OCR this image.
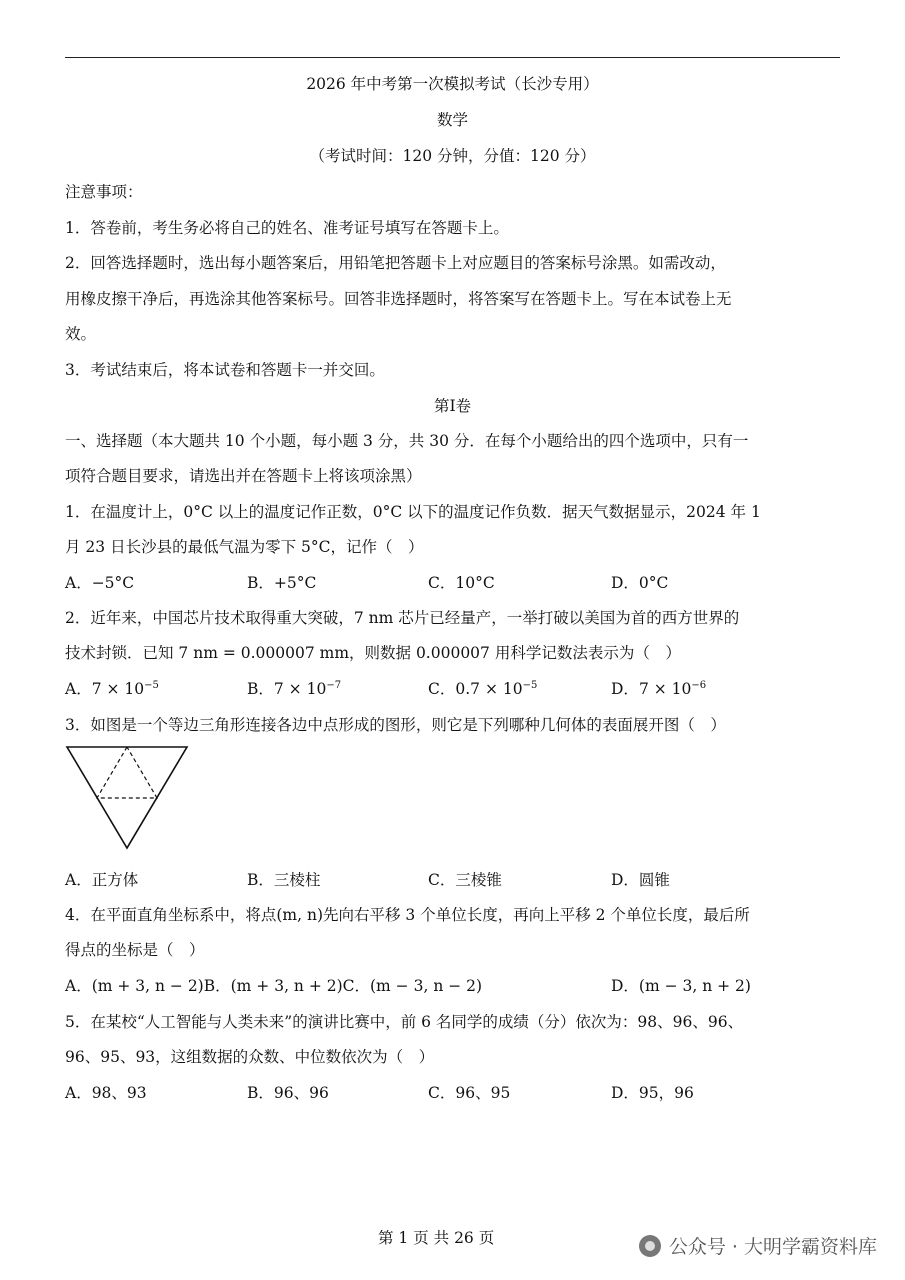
2026 年中考第一次模拟考试（长沙专用）
数学
（考试时间：120 分钟，分值：120 分）
注意事项：
1．答卷前，考生务必将自己的姓名、准考证号填写在答题卡上。
2．回答选择题时，选出每小题答案后，用铅笔把答题卡上对应题目的答案标号涂黑。如需改动，
用橡皮擦干净后，再选涂其他答案标号。回答非选择题时，将答案写在答题卡上。写在本试卷上无
效。
3．考试结束后，将本试卷和答题卡一并交回。
第Ⅰ卷
一、选择题（本大题共 10 个小题，每小题 3 分，共 30 分．在每个小题给出的四个选项中，只有一
项符合题目要求，请选出并在答题卡上将该项涂黑）
1．在温度计上，0°C 以上的温度记作正数，0°C 以下的温度记作负数．据天气数据显示，2024 年 1
月 23 日长沙县的最低气温为零下 5°C，记作（　）
A．−5°C	B．+5°C	C．10°C	D．0°C
2．近年来，中国芯片技术取得重大突破，7 nm 芯片已经量产，一举打破以美国为首的西方世界的
技术封锁．已知 7 nm = 0.000007 mm，则数据 0.000007 用科学记数法表示为（　）
A．$7 \times 10^{-5}$	B．$7 \times 10^{-7}$	C．$0.7 \times 10^{-5}$	D．$7 \times 10^{-6}$
3．如图是一个等边三角形连接各边中点形成的图形，则它是下列哪种几何体的表面展开图（　）
A．正方体	B．三棱柱	C．三棱锥	D．圆锥
4．在平面直角坐标系中，将点(m, n)先向右平移 3 个单位长度，再向上平移 2 个单位长度，最后所
得点的坐标是（　）
A．(m + 3, n − 2)B．(m + 3, n + 2)C．(m − 3, n − 2)	D．(m − 3, n + 2)
5．在某校“人工智能与人类未来”的演讲比赛中，前 6 名同学的成绩（分）依次为：98、96、96、
96、95、93，这组数据的众数、中位数依次为（　）
A．98、93	B．96、96	C．96、95	D．95，96
第 1 页 共 26 页	公众号 · 大明学霸资料库
